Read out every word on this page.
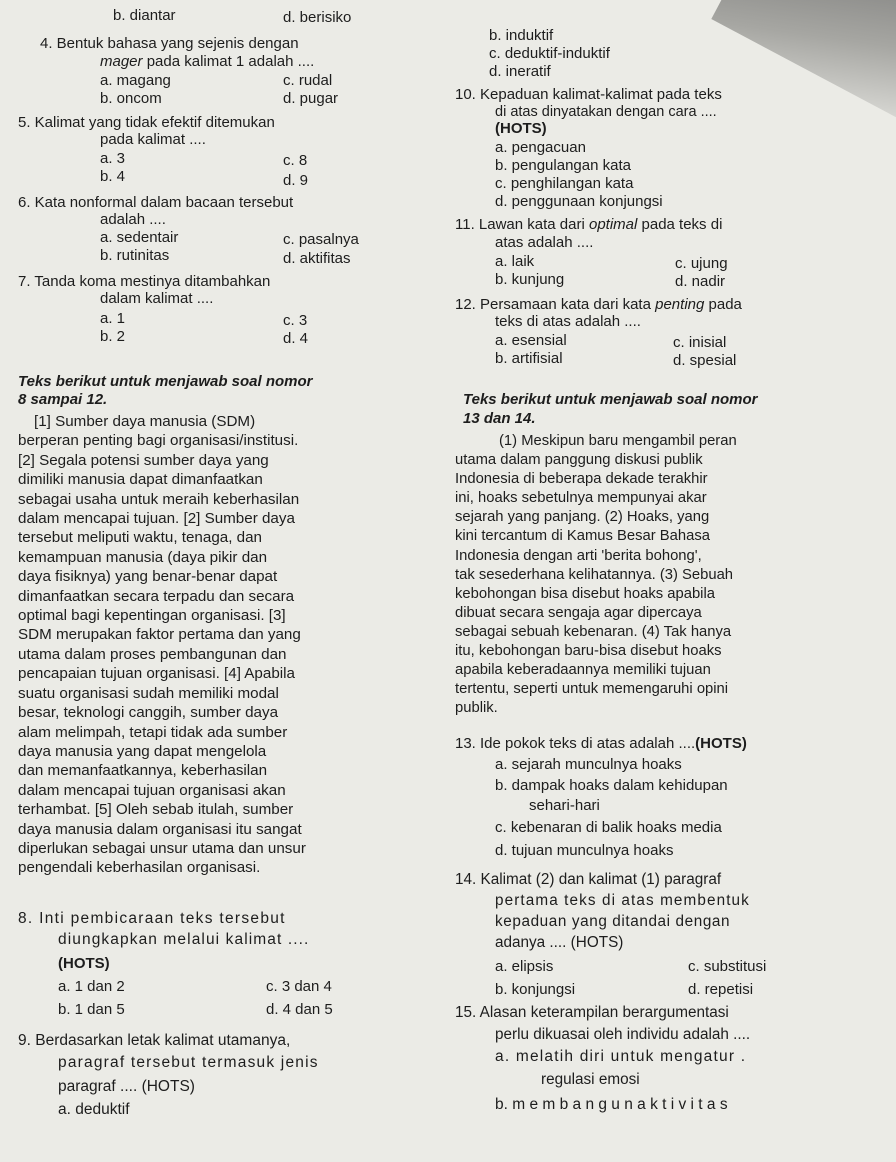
b. diantar	d. berisiko
4. Bentuk bahasa yang sejenis dengan
mager pada kalimat 1 adalah ....
a. magang	c. rudal
b. oncom	d. pugar
5. Kalimat yang tidak efektif ditemukan
pada kalimat ....
a. 3	c. 8
b. 4	d. 9
6. Kata nonformal dalam bacaan tersebut
adalah ....
a. sedentair	c. pasalnya
b. rutinitas	d. aktifitas
7. Tanda koma mestinya ditambahkan
dalam kalimat ....
a. 1	c. 3
b. 2	d. 4
Teks berikut untuk menjawab soal nomor
8 sampai 12.
[1] Sumber daya manusia (SDM)
berperan penting bagi organisasi/institusi.
[2] Segala potensi sumber daya yang
dimiliki manusia dapat dimanfaatkan
sebagai usaha untuk meraih keberhasilan
dalam mencapai tujuan. [2] Sumber daya
tersebut meliputi waktu, tenaga, dan
kemampuan manusia (daya pikir dan
daya fisiknya) yang benar-benar dapat
dimanfaatkan secara terpadu dan secara
optimal bagi kepentingan organisasi. [3]
SDM merupakan faktor pertama dan yang
utama dalam proses pembangunan dan
pencapaian tujuan organisasi. [4] Apabila
suatu organisasi sudah memiliki modal
besar, teknologi canggih, sumber daya
alam melimpah, tetapi tidak ada sumber
daya manusia yang dapat mengelola
dan memanfaatkannya, keberhasilan
dalam mencapai tujuan organisasi akan
terhambat. [5] Oleh sebab itulah, sumber
daya manusia dalam organisasi itu sangat
diperlukan sebagai unsur utama dan unsur
pengendali keberhasilan organisasi.
8. Inti pembicaraan teks tersebut
diungkapkan melalui kalimat ....
(HOTS)
a. 1 dan 2	c. 3 dan 4
b. 1 dan 5	d. 4 dan 5
9. Berdasarkan letak kalimat utamanya,
paragraf tersebut termasuk jenis
paragraf .... (HOTS)
a. deduktif
b. induktif
c. deduktif-induktif
d. ineratif
10. Kepaduan kalimat-kalimat pada teks
di atas dinyatakan dengan cara ....
(HOTS)
a. pengacuan
b. pengulangan kata
c. penghilangan kata
d. penggunaan konjungsi
11. Lawan kata dari optimal pada teks di
atas adalah ....
a. laik	c. ujung
b. kunjung	d. nadir
12. Persamaan kata dari kata penting pada
teks di atas adalah ....
a. esensial	c. inisial
b. artifisial	d. spesial
Teks berikut untuk menjawab soal nomor
13 dan 14.
(1) Meskipun baru mengambil peran
utama dalam panggung diskusi publik
Indonesia di beberapa dekade terakhir
ini, hoaks sebetulnya mempunyai akar
sejarah yang panjang. (2) Hoaks, yang
kini tercantum di Kamus Besar Bahasa
Indonesia dengan arti 'berita bohong',
tak sesederhana kelihatannya. (3) Sebuah
kebohongan bisa disebut hoaks apabila
dibuat secara sengaja agar dipercaya
sebagai sebuah kebenaran. (4) Tak hanya
itu, kebohongan baru-bisa disebut hoaks
apabila keberadaannya memiliki tujuan
tertentu, seperti untuk memengaruhi opini
publik.
13. Ide pokok teks di atas adalah ....(HOTS)
a. sejarah munculnya hoaks
b. dampak hoaks dalam kehidupan
sehari-hari
c. kebenaran di balik hoaks media
d. tujuan munculnya hoaks
14. Kalimat (2) dan kalimat (1) paragraf
pertama teks di atas membentuk
kepaduan yang ditandai dengan
adanya .... (HOTS)
a. elipsis	c. substitusi
b. konjungsi	d. repetisi
15. Alasan keterampilan berargumentasi
perlu dikuasai oleh individu adalah ....
a. melatih diri untuk mengatur .
regulasi emosi
b. m e m b a n g u n a k t i v i t a s
